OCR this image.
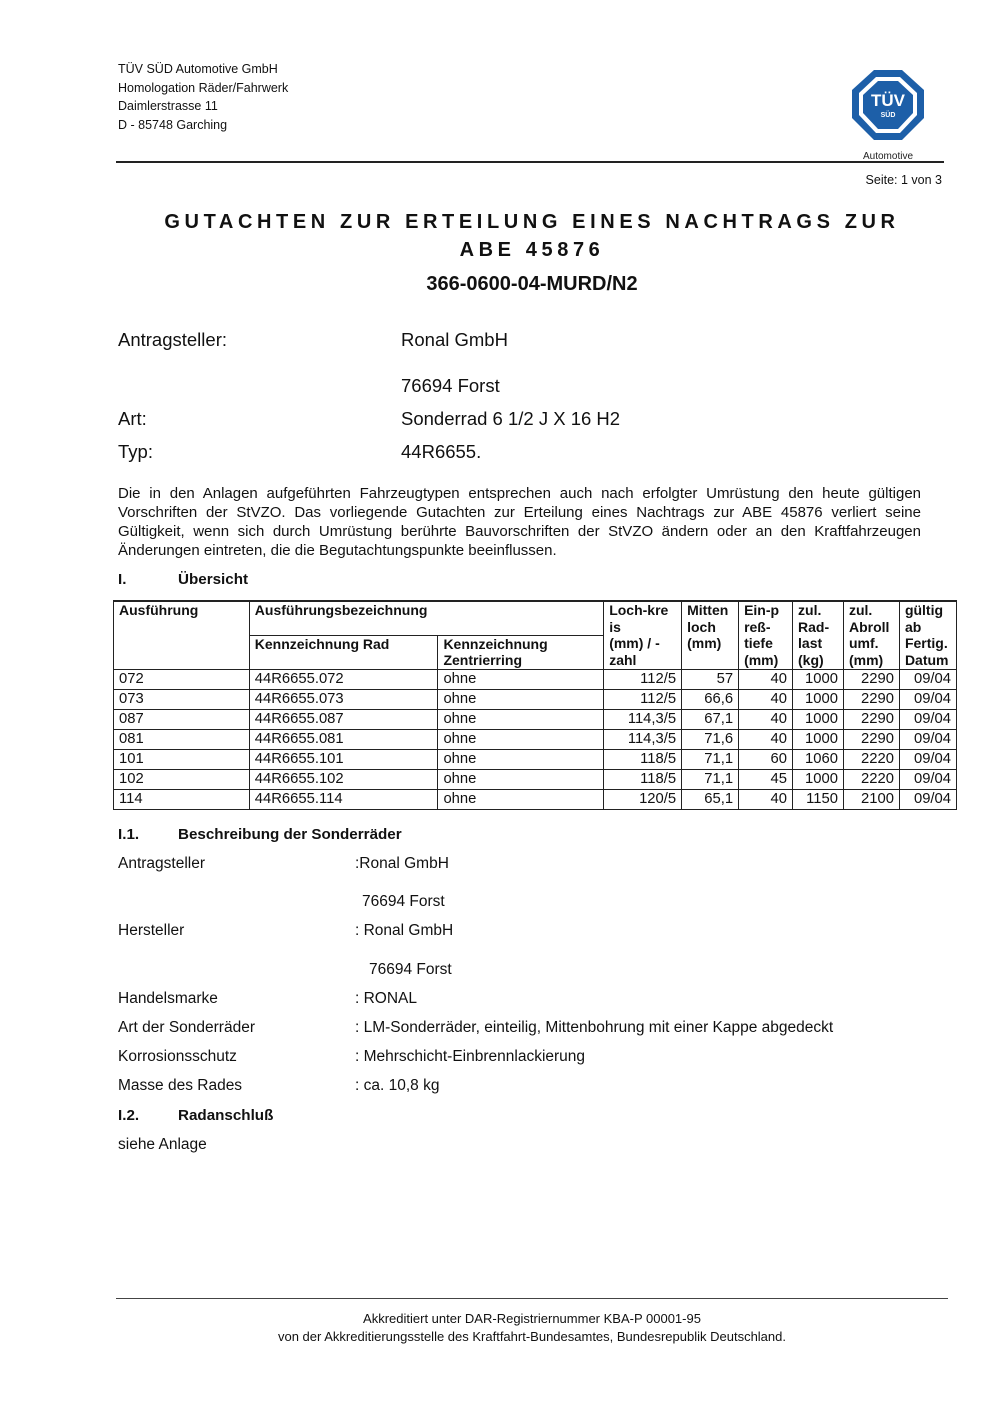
TÜV SÜD Automotive GmbH
Homologation Räder/Fahrwerk
Daimlerstrasse 11
D - 85748 Garching
TÜV
SÜD
Automotive
Seite: 1 von 3
GUTACHTEN ZUR ERTEILUNG EINES NACHTRAGS ZUR
ABE 45876
366-0600-04-MURD/N2
Antragsteller:	Ronal GmbH
76694 Forst
Art:	Sonderrad 6 1/2 J X 16 H2
Typ:	44R6655.
Die in den Anlagen aufgeführten Fahrzeugtypen entsprechen auch nach erfolgter Umrüstung den heute gültigen Vorschriften der StVZO. Das vorliegende Gutachten zur Erteilung eines Nachtrags zur ABE 45876 verliert seine Gültigkeit, wenn sich durch Umrüstung berührte Bauvorschriften der StVZO ändern oder an den Kraftfahrzeugen Änderungen eintreten, die die Begutachtungspunkte beeinflussen.
I.	Übersicht
Ausführung	Ausführungsbezeichnung		Loch-kre is	Mitten loch	Ein-p reß-	zul. Rad-	zul. Abroll	gültig ab
	Kennzeichnung Rad	Kennzeichnung Zentrierring	(mm) / -zahl	(mm)	tiefe (mm)	last (kg)	umf. (mm)	Fertig. Datum
072	44R6655.072	ohne	112/5	57	40	1000	2290	09/04
073	44R6655.073	ohne	112/5	66,6	40	1000	2290	09/04
087	44R6655.087	ohne	114,3/5	67,1	40	1000	2290	09/04
081	44R6655.081	ohne	114,3/5	71,6	40	1000	2290	09/04
101	44R6655.101	ohne	118/5	71,1	60	1060	2220	09/04
102	44R6655.102	ohne	118/5	71,1	45	1000	2220	09/04
114	44R6655.114	ohne	120/5	65,1	40	1150	2100	09/04
I.1.	Beschreibung der Sonderräder
Antragsteller	:Ronal GmbH
76694 Forst
Hersteller	: Ronal GmbH
76694 Forst
Handelsmarke	: RONAL
Art der Sonderräder	: LM-Sonderräder, einteilig, Mittenbohrung mit einer Kappe abgedeckt
Korrosionsschutz	: Mehrschicht-Einbrennlackierung
Masse des Rades	: ca. 10,8 kg
I.2.	Radanschluß
siehe Anlage
Akkreditiert unter DAR-Registriernummer KBA-P 00001-95
von der Akkreditierungsstelle des Kraftfahrt-Bundesamtes, Bundesrepublik Deutschland.
